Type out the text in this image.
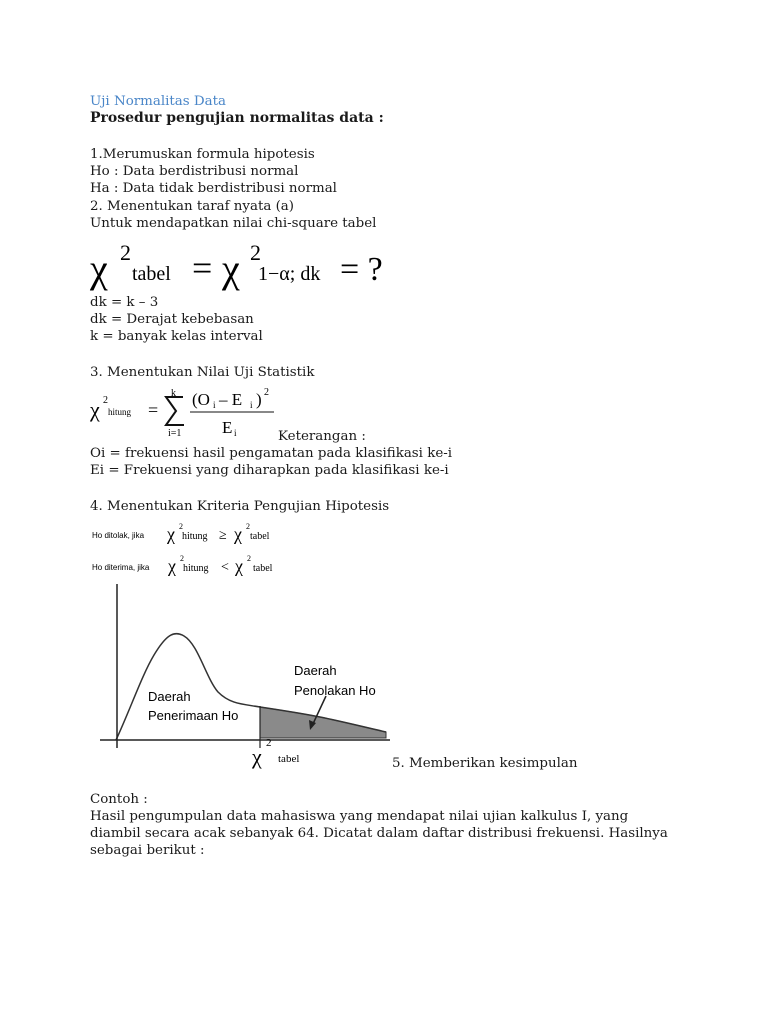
Uji Normalitas Data
Prosedur pengujian normalitas data :
1.Merumuskan formula hipotesis
Ho : Data berdistribusi normal
Ha : Data tidak berdistribusi normal
2. Menentukan taraf nyata (a)
Untuk mendapatkan nilai chi-square tabel
χ 2
tabel = χ 2
1−α; dk = ?
dk = k – 3
dk = Derajat kebebasan
k = banyak kelas interval
3. Menentukan Nilai Uji Statistik
χ 2
hitung =
k
i=1
(O i – E i ) 2
E i	Keterangan :
Oi = frekuensi hasil pengamatan pada klasifikasi ke-i
Ei = Frekuensi yang diharapkan pada klasifikasi ke-i
4. Menentukan Kriteria Pengujian Hipotesis
Ho ditolak, jika χ 2
hitung ≥ χ 2
tabel
Ho diterima, jika χ 2
hitung < χ 2
tabel
Daerah
Penerimaan Ho
Daerah
Penolakan Ho
χ
2
tabel	5. Memberikan kesimpulan
Contoh :
Hasil pengumpulan data mahasiswa yang mendapat nilai ujian kalkulus I, yang diambil secara acak sebanyak 64. Dicatat dalam daftar distribusi frekuensi. Hasilnya sebagai berikut :
